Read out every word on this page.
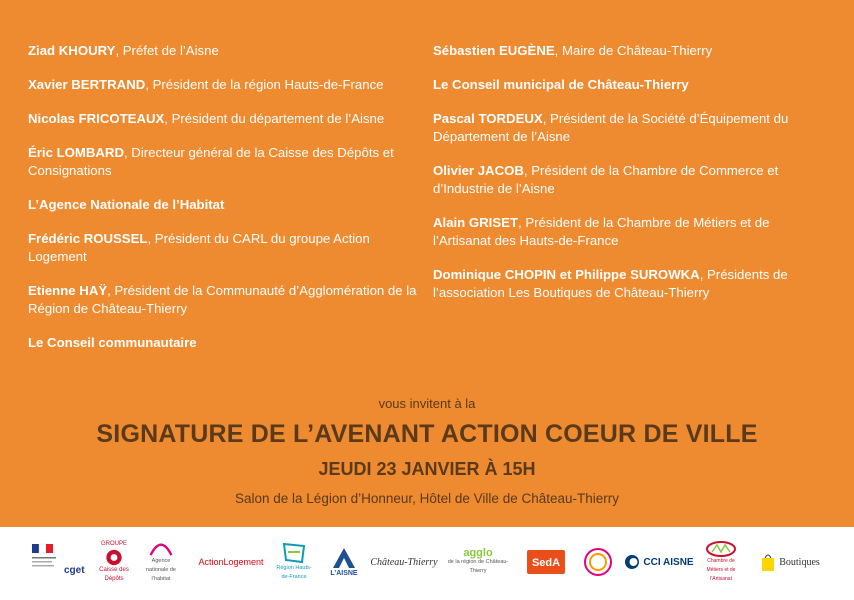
Ziad KHOURY, Préfet de l’Aisne
Xavier BERTRAND, Président de la région Hauts-de-France
Nicolas FRICOTEAUX, Président du département de l’Aisne
Éric LOMBARD, Directeur général de la Caisse des Dépôts et Consignations
L’Agence Nationale de l’Habitat
Frédéric ROUSSEL, Président du CARL du groupe Action Logement
Etienne HAŸ, Président de la Communauté d’Agglomération de la Région de Château-Thierry
Le Conseil communautaire
Sébastien EUGÈNE, Maire de Château-Thierry
Le Conseil municipal de Château-Thierry
Pascal TORDEUX, Président de la Société d’Équipement du Département de l’Aisne
Olivier JACOB, Président de la Chambre de Commerce et d’Industrie de l’Aisne
Alain GRISET, Président de la Chambre de Métiers et de l’Artisanat des Hauts-de-France
Dominique CHOPIN et Philippe SUROWKA, Présidents de l’association Les Boutiques de Château-Thierry
vous invitent à la
SIGNATURE DE L’AVENANT ACTION COEUR DE VILLE
JEUDI 23 JANVIER À 15H
Salon de la Légion d’Honneur, Hôtel de Ville de Château-Thierry
cget
GROUPE
Caisse des Dépôts
Agence nationale de l’habitat
ActionLogement
Région Hauts-de-France
L’AISNE
Château-Thierry
agglo
de la région de Château-Thierry
SedA	CCI AISNE	Chambre de Métiers et de l’Artisanat
Boutiques
